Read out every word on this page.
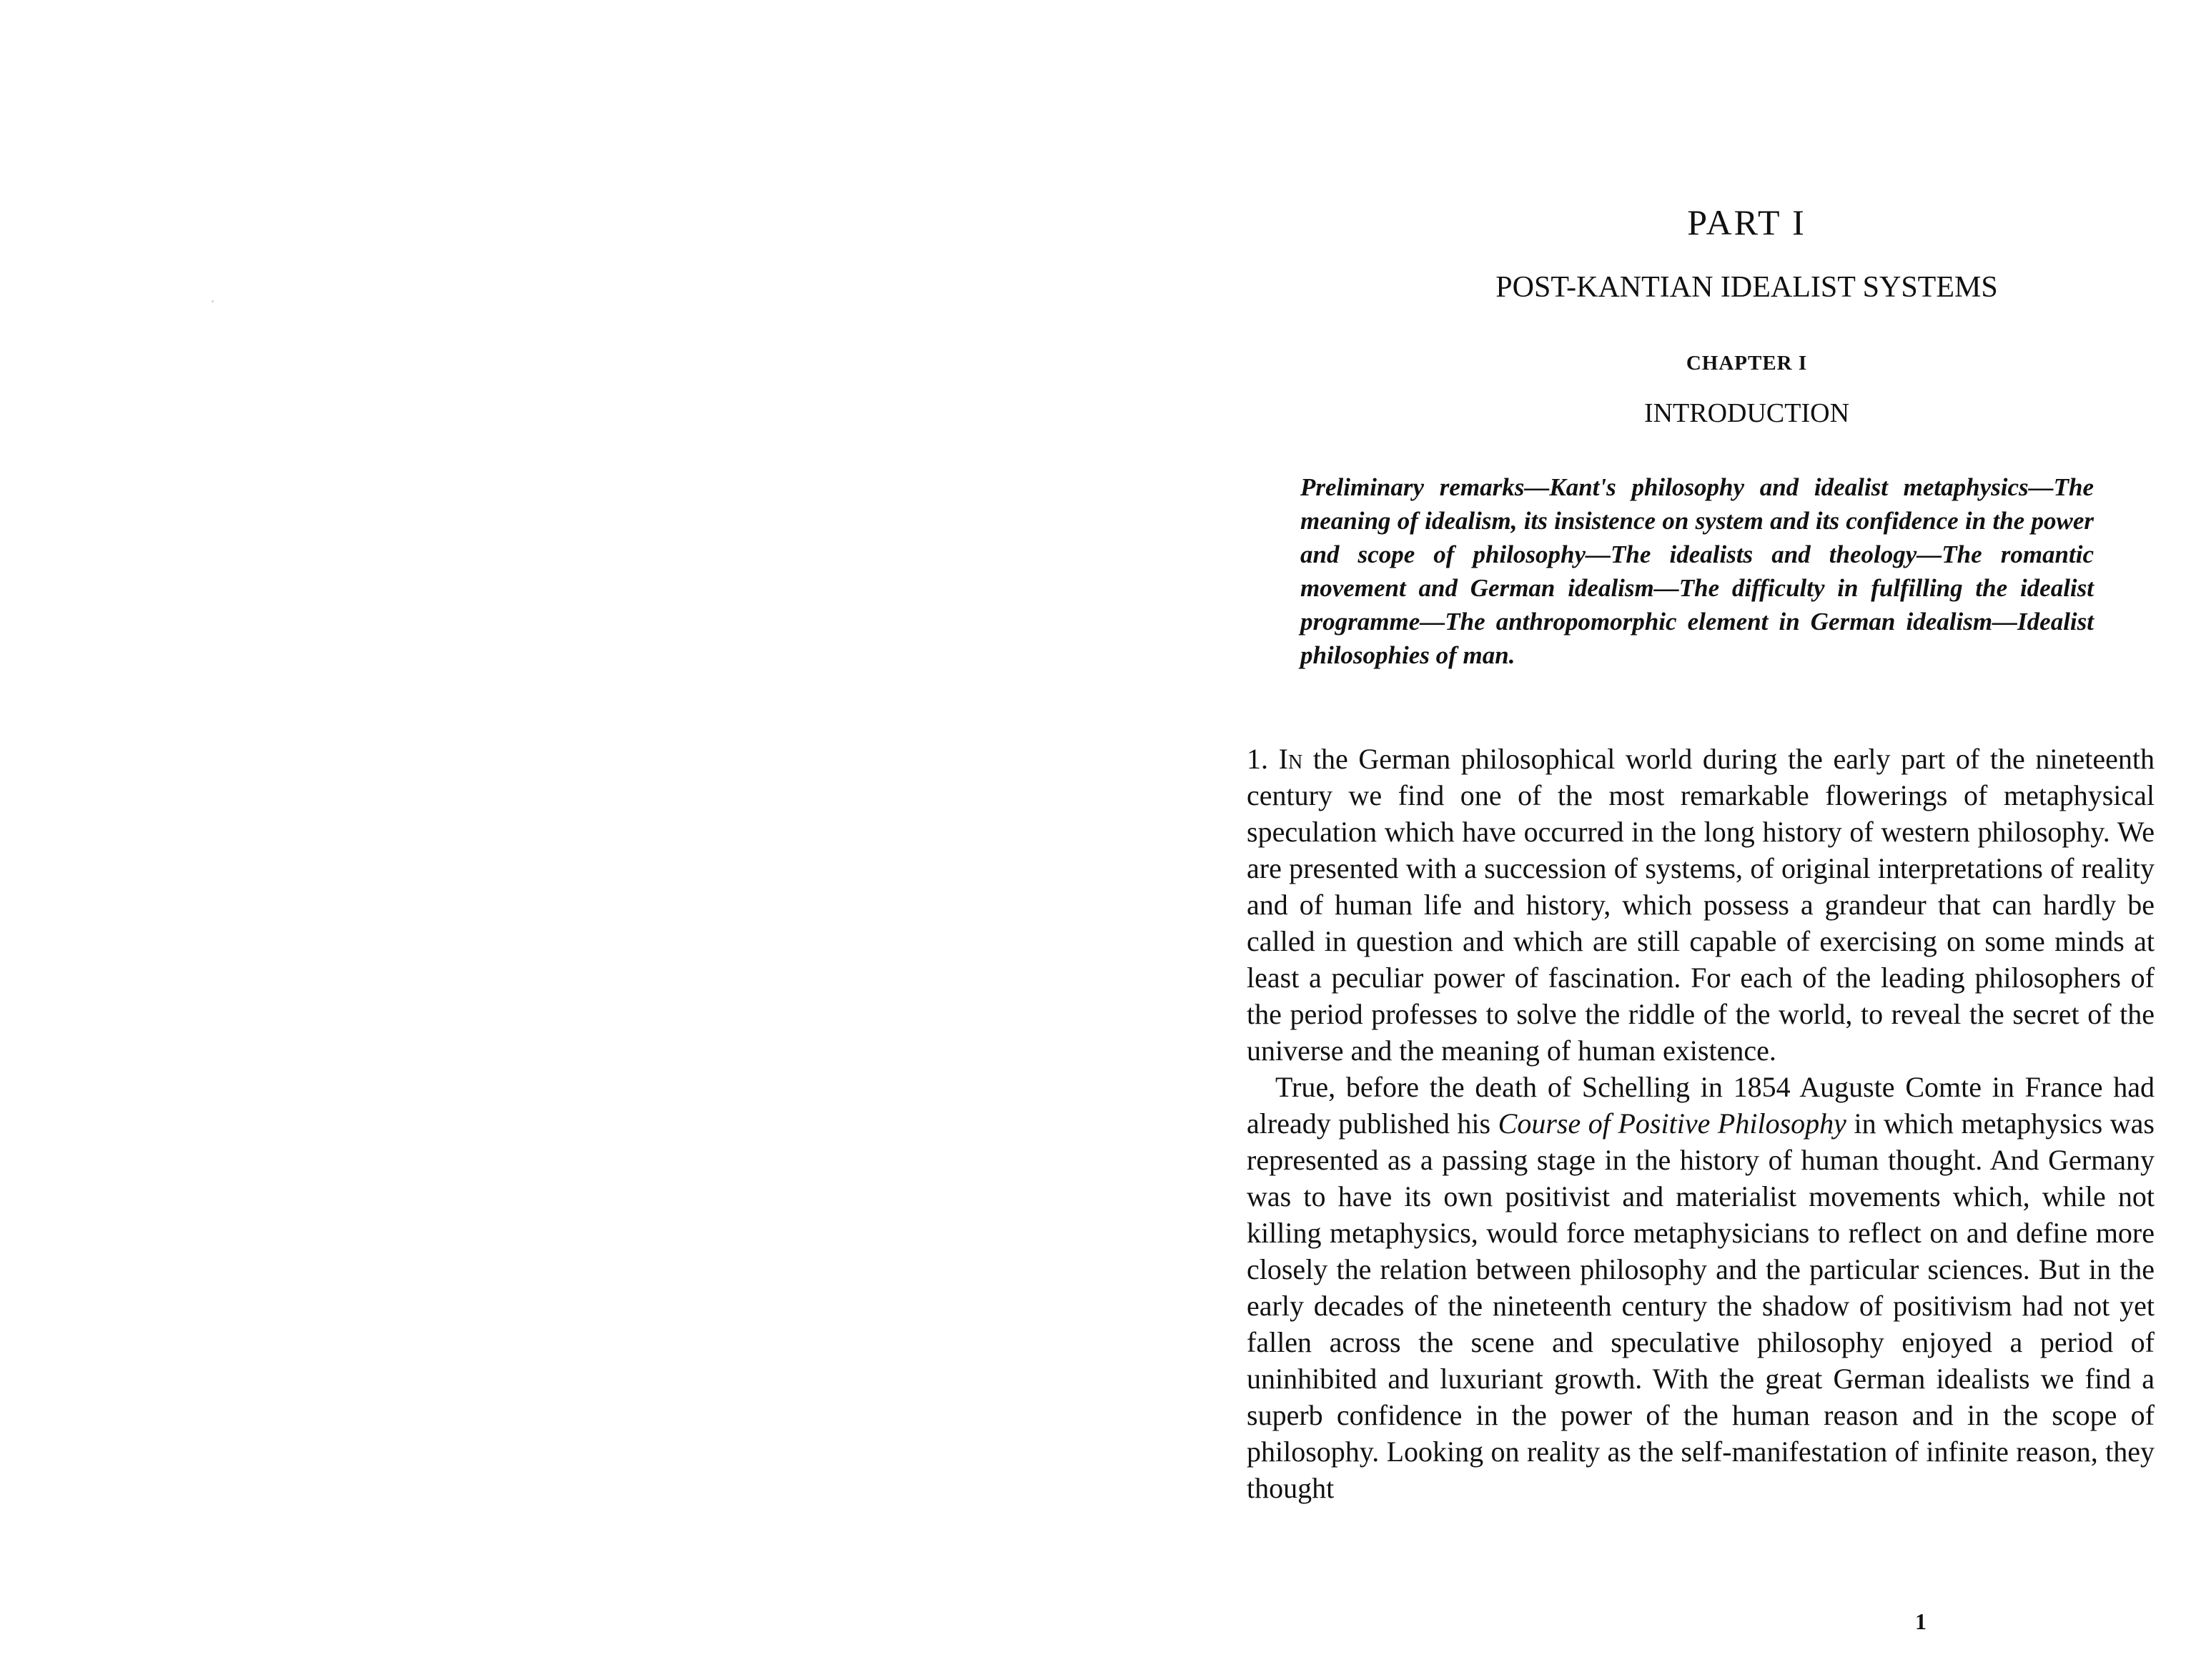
PART I
POST-KANTIAN IDEALIST SYSTEMS
CHAPTER I
INTRODUCTION

Preliminary remarks—Kant's philosophy and idealist metaphysics—The meaning of idealism, its insistence on system and its confidence in the power and scope of philosophy—The idealists and theology—The romantic movement and German idealism—The difficulty in fulfilling the idealist programme—The anthropomorphic element in German idealism—Idealist philosophies of man.

1. In the German philosophical world during the early part of the nineteenth century we find one of the most remarkable flowerings of metaphysical speculation which have occurred in the long history of western philosophy. We are presented with a succession of systems, of original interpretations of reality and of human life and history, which possess a grandeur that can hardly be called in question and which are still capable of exercising on some minds at least a peculiar power of fascination. For each of the leading philosophers of the period professes to solve the riddle of the world, to reveal the secret of the universe and the meaning of human existence.

True, before the death of Schelling in 1854 Auguste Comte in France had already published his Course of Positive Philosophy in which metaphysics was represented as a passing stage in the history of human thought. And Germany was to have its own positivist and materialist movements which, while not killing metaphysics, would force metaphysicians to reflect on and define more closely the relation between philosophy and the particular sciences. But in the early decades of the nineteenth century the shadow of positivism had not yet fallen across the scene and speculative philosophy enjoyed a period of uninhibited and luxuriant growth. With the great German idealists we find a superb confidence in the power of the human reason and in the scope of philosophy. Looking on reality as the self-manifestation of infinite reason, they thought

1
